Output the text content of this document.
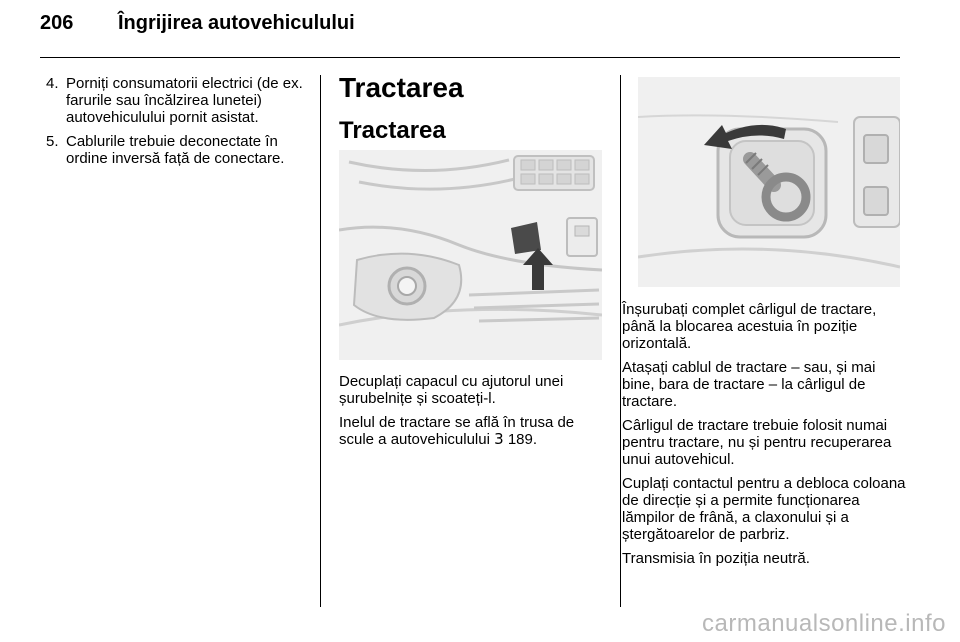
206 Îngrijirea autovehiculului
4. Porniți consumatorii electrici (de ex. farurile sau încălzirea lunetei) autovehiculului pornit asistat.
5. Cablurile trebuie deconectate în ordine inversă față de conectare.
Tractarea
Tractarea

Decuplați capacul cu ajutorul unei șurubelnițe și scoateți-l.

Inelul de tractare se află în trusa de scule a autovehiculului 3 189.

Înșurubați complet cârligul de tractare, până la blocarea acestuia în poziție orizontală.

Atașați cablul de tractare – sau, și mai bine, bara de tractare – la cârligul de tractare.

Cârligul de tractare trebuie folosit numai pentru tractare, nu și pentru recuperarea unui autovehicul.

Cuplați contactul pentru a debloca coloana de direcție și a permite funcționarea lămpilor de frână, a claxonului și a ștergătoarelor de parbriz.

Transmisia în poziția neutră.

carmanualsonline.info
